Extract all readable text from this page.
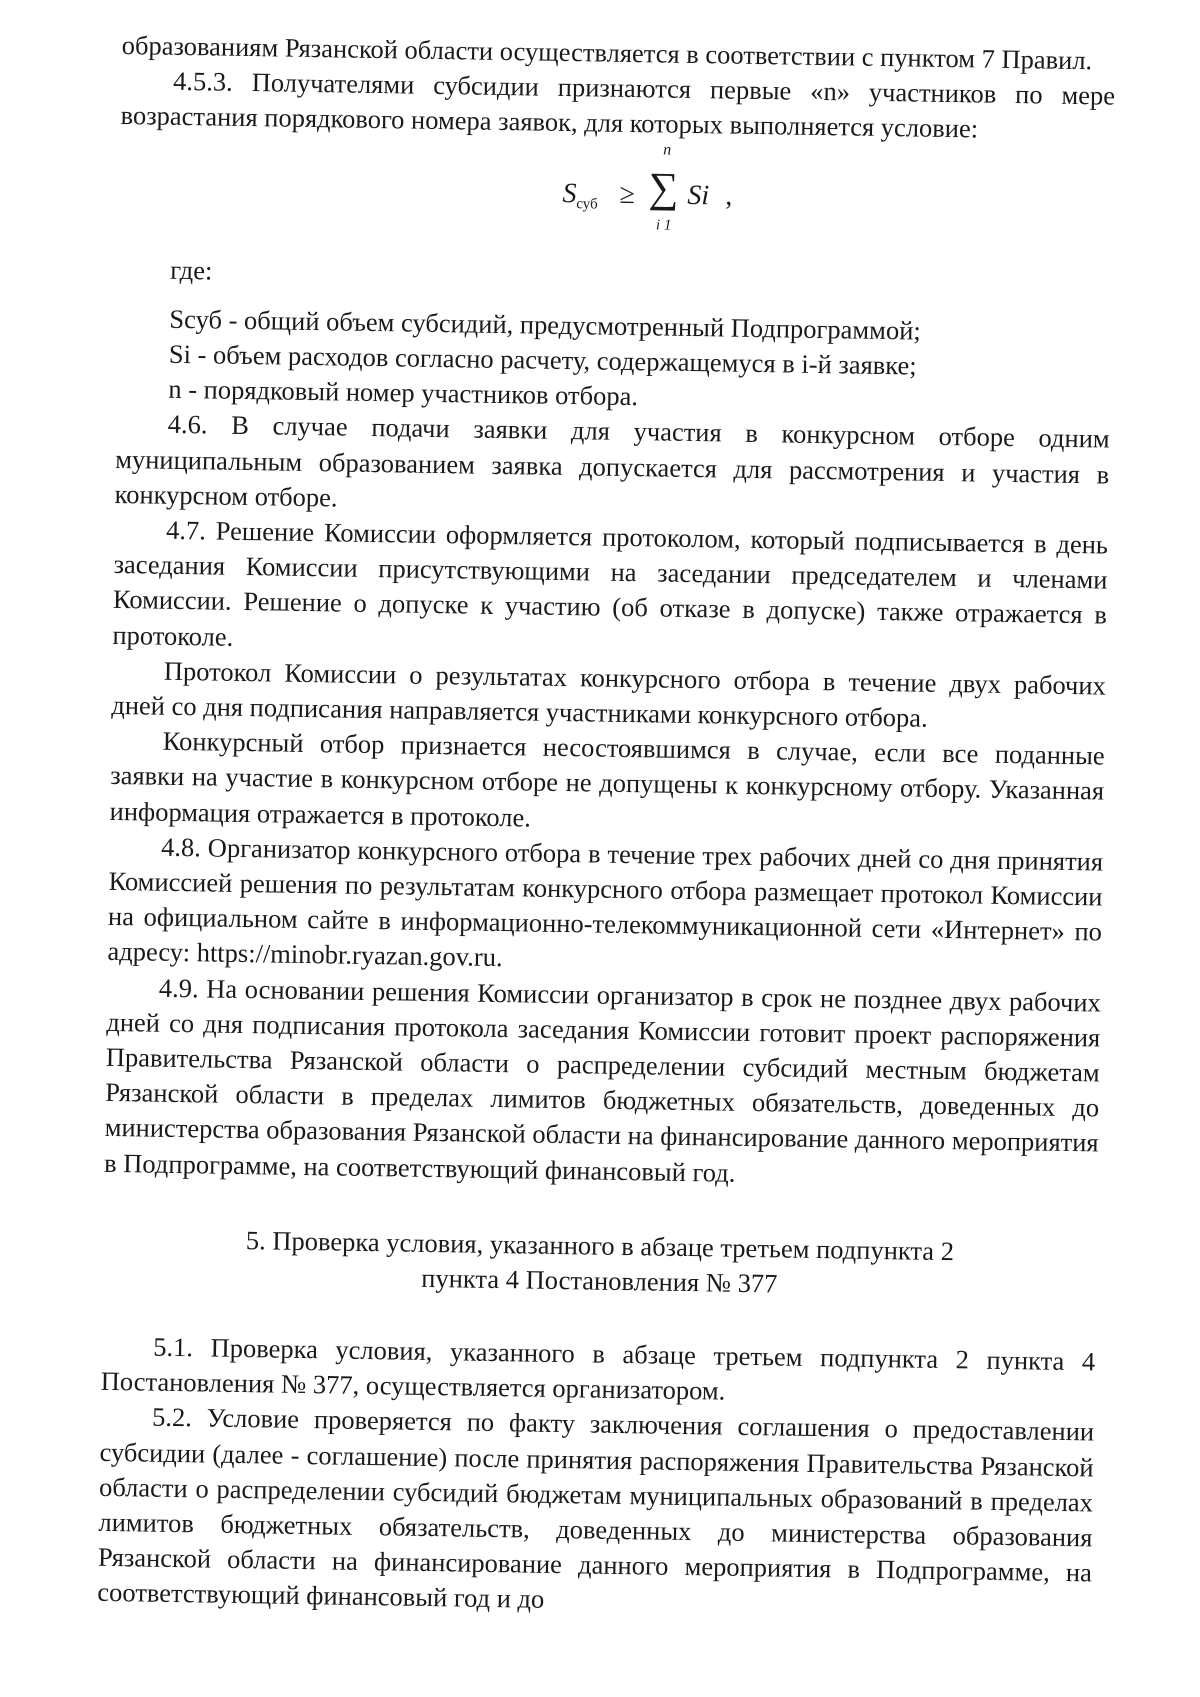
образованиям Рязанской области осуществляется в соответствии с пунктом 7 Правил.

4.5.3. Получателями субсидии признаются первые «n» участников по мере возрастания порядкового номера заявок, для которых выполняется условие:

$S_{суб}$ ≥
n
∑
i 1
Si ,

где:

Sсуб - общий объем субсидий, предусмотренный Подпрограммой;

Si - объем расходов согласно расчету, содержащемуся в i-й заявке;

n - порядковый номер участников отбора.

4.6. В случае подачи заявки для участия в конкурсном отборе одним муниципальным образованием заявка допускается для рассмотрения и участия в конкурсном отборе.

4.7. Решение Комиссии оформляется протоколом, который подписывается в день заседания Комиссии присутствующими на заседании председателем и членами Комиссии. Решение о допуске к участию (об отказе в допуске) также отражается в протоколе.

Протокол Комиссии о результатах конкурсного отбора в течение двух рабочих дней со дня подписания направляется участниками конкурсного отбора.

Конкурсный отбор признается несостоявшимся в случае, если все поданные заявки на участие в конкурсном отборе не допущены к конкурсному отбору. Указанная информация отражается в протоколе.

4.8. Организатор конкурсного отбора в течение трех рабочих дней со дня принятия Комиссией решения по результатам конкурсного отбора размещает протокол Комиссии на официальном сайте в информационно-телекоммуникационной сети «Интернет» по адресу: https://minobr.ryazan.gov.ru.

4.9. На основании решения Комиссии организатор в срок не позднее двух рабочих дней со дня подписания протокола заседания Комиссии готовит проект распоряжения Правительства Рязанской области о распределении субсидий местным бюджетам Рязанской области в пределах лимитов бюджетных обязательств, доведенных до министерства образования Рязанской области на финансирование данного мероприятия в Подпрограмме, на соответствующий финансовый год.

5. Проверка условия, указанного в абзаце третьем подпункта 2
пункта 4 Постановления № 377

5.1. Проверка условия, указанного в абзаце третьем подпункта 2 пункта 4 Постановления № 377, осуществляется организатором.

5.2. Условие проверяется по факту заключения соглашения о предоставлении субсидии (далее - соглашение) после принятия распоряжения Правительства Рязанской области о распределении субсидий бюджетам муниципальных образований в пределах лимитов бюджетных обязательств, доведенных до министерства образования Рязанской области на финансирование данного мероприятия в Подпрограмме, на соответствующий финансовый год и до
